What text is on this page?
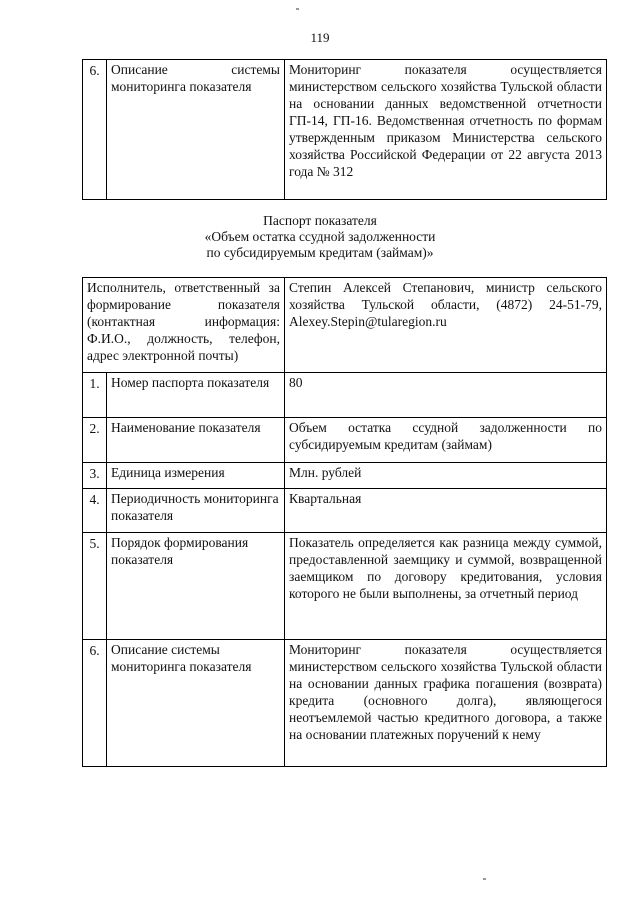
119
6.	Описание системы мониторинга показателя	Мониторинг показателя осуществляется министерством сельского хозяйства Тульской области на основании данных ведомственной отчетности ГП-14, ГП-16. Ведомственная отчетность по формам утвержденным приказом Министерства сельского хозяйства Российской Федерации от 22 августа 2013 года № 312
Паспорт показателя
«Объем остатка ссудной задолженности
по субсидируемым кредитам (займам)»
Исполнитель, ответственный за формирование показателя (контактная информация: Ф.И.О., должность, телефон, адрес электронной почты)		Степин Алексей Степанович, министр сельского хозяйства Тульской области, (4872) 24-51-79, Alexey.Stepin@tularegion.ru
1.	Номер паспорта показателя	80
2.	Наименование показателя	Объем остатка ссудной задолженности по субсидируемым кредитам (займам)
3.	Единица измерения	Млн. рублей
4.	Периодичность мониторинга показателя	Квартальная
5.	Порядок формирования показателя	Показатель определяется как разница между суммой, предоставленной заемщику и суммой, возвращенной заемщиком по договору кредитования, условия которого не были выполнены, за отчетный период
6.	Описание системы мониторинга показателя	Мониторинг показателя осуществляется министерством сельского хозяйства Тульской области на основании данных графика погашения (возврата) кредита (основного долга), являющегося неотъемлемой частью кредитного договора, а также на основании платежных поручений к нему
